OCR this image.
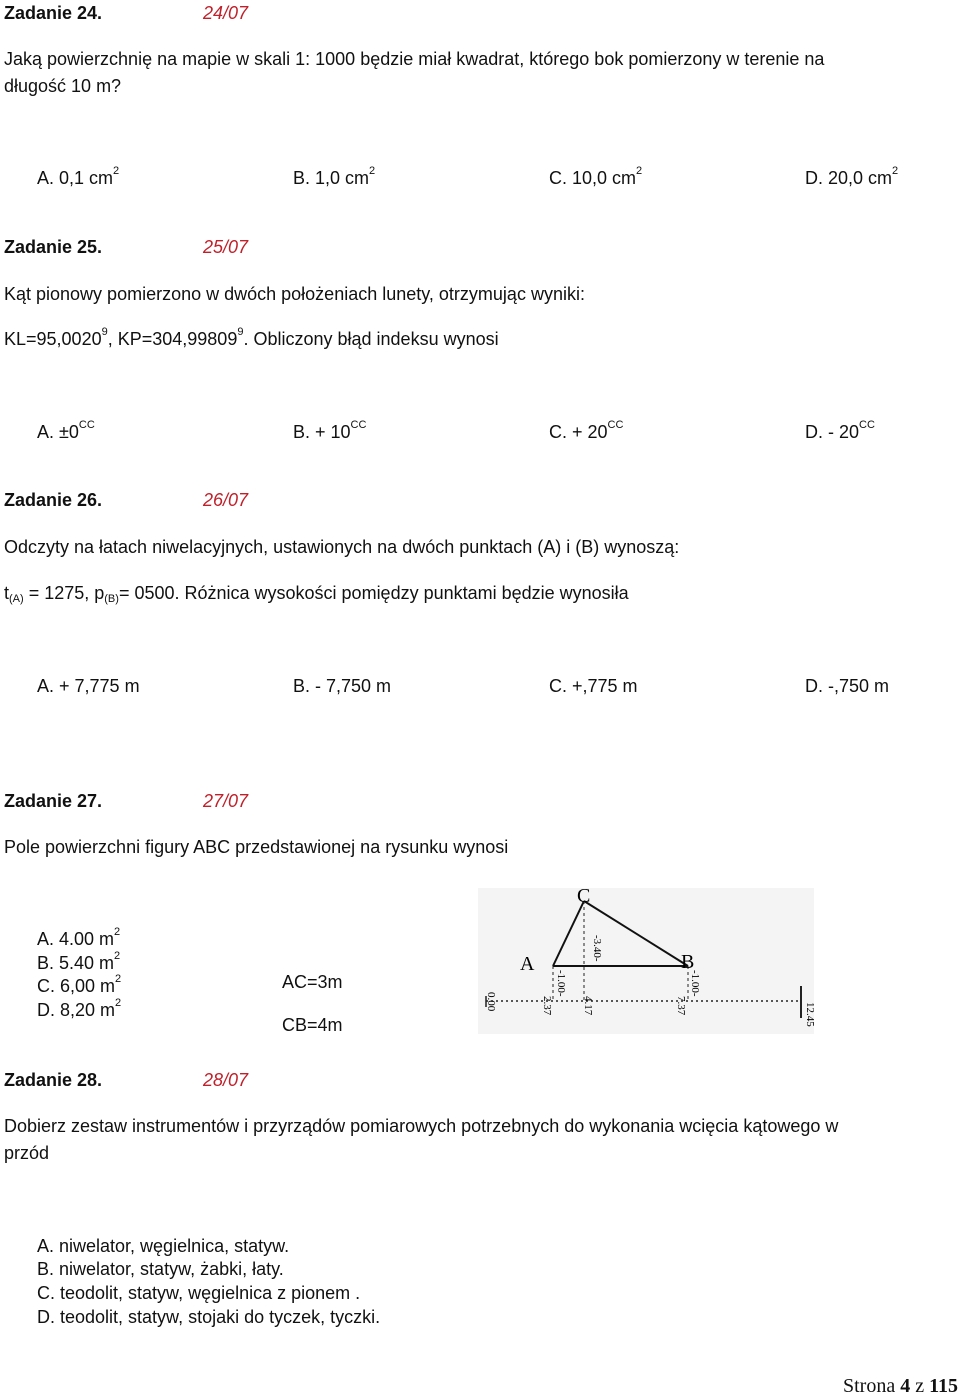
Zadanie 24.	24/07
Jaką powierzchnię na mapie w skali 1: 1000 będzie miał kwadrat, którego bok pomierzony w terenie na
długość 10 m?
A. 0,1 $cm^2$	B. 1,0 $cm^2$	C. 10,0 $cm^2$	D. 20,0 $cm^2$
Zadanie 25.	25/07
Kąt pionowy pomierzono w dwóch położeniach lunety, otrzymując wyniki:
$KL=95,0020^9$, $KP=304,99809^9$. Obliczony błąd indeksu wynosi
A. $\pm 0^{CC}$	B. + $10^{CC}$	C. + $20^{CC}$	D. - $20^{CC}$
Zadanie 26.	26/07
Odczyty na łatach niwelacyjnych, ustawionych na dwóch punktach (A) i (B) wynoszą:
$t_{(A)} = 1275$, $p_{(B)}= 0500$. Różnica wysokości pomiędzy punktami będzie wynosiła
A. + 7,775 m	B. - 7,750 m	C. +,775 m	D. -,750 m
Zadanie 27.	27/07
Pole powierzchni figury ABC przedstawionej na rysunku wynosi
A. 4.00 $m^2$
B. 5.40 $m^2$
C. 6,00 $m^2$
D. 8,20 $m^2$
AC=3m
CB=4m
C
A	B
-3.40-
-1.00-	-1.00-
0.00	2.37	4.17	7.37	12.45
Zadanie 28.	28/07
Dobierz zestaw instrumentów i przyrządów pomiarowych potrzebnych do wykonania wcięcia kątowego w
przód
A. niwelator, węgielnica, statyw.
B. niwelator, statyw, żabki, łaty.
C. teodolit, statyw, węgielnica z pionem .
D. teodolit, statyw, stojaki do tyczek, tyczki.
Strona 4 z 115
